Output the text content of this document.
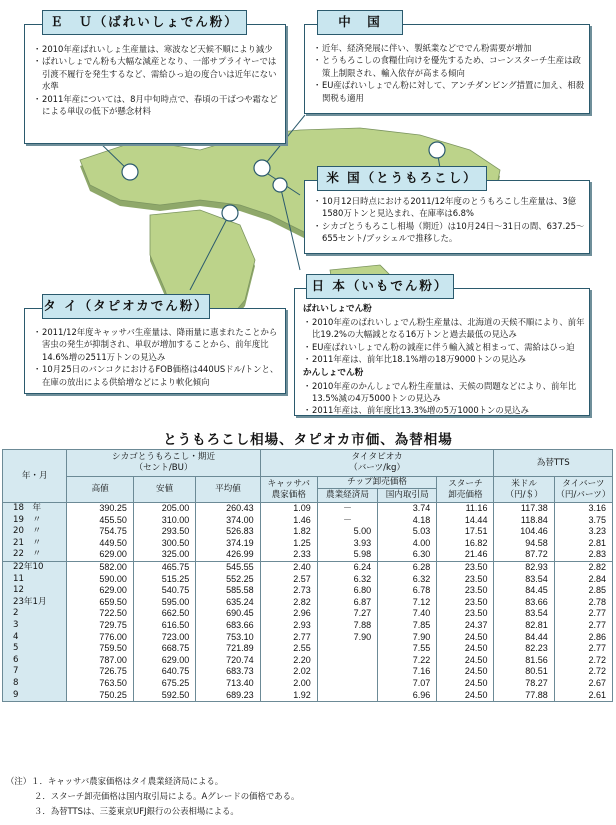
・ 2010年産ばれいしょ生産量は、寒波など天候不順により減少
・ ばれいしょでん粉も大幅な減産となり、一部サプライヤーでは引渡不履行を発生するなど、需給ひっ迫の度合いは近年にない水準
・ 2011年産については、8月中旬時点で、春頃の干ばつや霜などによる単収の低下が懸念材料
Ｅ　Ｕ（ばれいしょでん粉）
・ 近年、経済発展に伴い、製紙業などででん粉需要が増加
・ とうもろこしの食糧仕向けを優先するため、コーンスターチ生産は政策上制限され、輸入依存が高まる傾向
・ EU産ばれいしょでん粉に対して、アンチダンピング措置に加え、相殺関税も適用
中　国
・ 10月12日時点における2011/12年度のとうもろこし生産量は、3億1580万トンと見込まれ、在庫率は6.8%
・ シカゴとうもろこし相場（期近）は10月24日～31日の間、637.25～655セント/ブッシェルで推移した。
米 国（とうもろこし）
・ 2011/12年度キャッサバ生産量は、降雨量に恵まれたことから害虫の発生が抑制され、単収が増加することから、前年度比14.6%増の2511万トンの見込み
・ 10月25日のバンコクにおけるFOB価格は440USドル/トンと、在庫の放出による供給増などにより軟化傾向
タ イ（タピオカでん粉）	ばれいしょでん粉
・ 2010年産のばれいしょでん粉生産量は、北海道の天候不順により、前年比19.2%の大幅減となる16万トンと過去最低の見込み
・ EU産ばれいしょでん粉の減産に伴う輸入減と相まって、需給はひっ迫
・ 2011年産は、前年比18.1%増の18万9000トンの見込み
かんしょでん粉
・ 2010年産のかんしょでん粉生産量は、天候の問題などにより、前年比13.5%減の4万5000トンの見込み
・ 2011年産は、前年度比13.3%増の5万1000トンの見込み
日 本（いもでん粉）
とうもろこし相場、タピオカ市価、為替相場
年・月	シカゴとうもろこし・期近
（セント/BU）			タイタピオカ
（バーツ/kg）				為替TTS	
	高値	安値	平均値	キャッサバ
農家価格	チップ卸売価格		スターチ
卸売価格	米ドル
（円/＄）	タイバーツ
（円/バーツ）
					農業経済局	国内取引局			
18　年	390.25	205.00	260.43	1.09	－	3.74	11.16	117.38	3.16
19　〃	455.50	310.00	374.00	1.46	－	4.18	14.44	118.84	3.75
20　〃	754.75	293.50	526.83	1.82	5.00	5.03	17.51	104.46	3.23
21　〃	449.50	300.50	374.19	1.25	3.93	4.00	16.82	94.58	2.81
22　〃	629.00	325.00	426.99	2.33	5.98	6.30	21.46	87.72	2.83
22年10	582.00	465.75	545.55	2.40	6.24	6.28	23.50	82.93	2.82
11	590.00	515.25	552.25	2.57	6.32	6.32	23.50	83.54	2.84
12	629.00	540.75	585.58	2.73	6.80	6.78	23.50	84.45	2.85
23年1月	659.50	595.00	635.24	2.82	6.87	7.12	23.50	83.66	2.78
2	722.50	662.50	690.45	2.96	7.27	7.40	23.50	83.54	2.77
3	729.75	616.50	683.66	2.93	7.88	7.85	24.37	82.81	2.77
4	776.00	723.00	753.10	2.77	7.90	7.90	24.50	84.44	2.86
5	759.50	668.75	721.89	2.55		7.55	24.50	82.23	2.77
6	787.00	629.00	720.74	2.20		7.22	24.50	81.56	2.72
7	726.75	640.75	683.73	2.02		7.16	24.50	80.51	2.72
8	763.50	675.25	713.40	2.00		7.07	24.50	78.27	2.67
9	750.25	592.50	689.23	1.92		6.96	24.50	77.88	2.61
（注）１．キャッサバ農家価格はタイ農業経済局による。
２．スターチ卸売価格は国内取引局による。Aグレードの価格である。
３．為替TTSは、三菱東京UFJ銀行の公表相場による。
